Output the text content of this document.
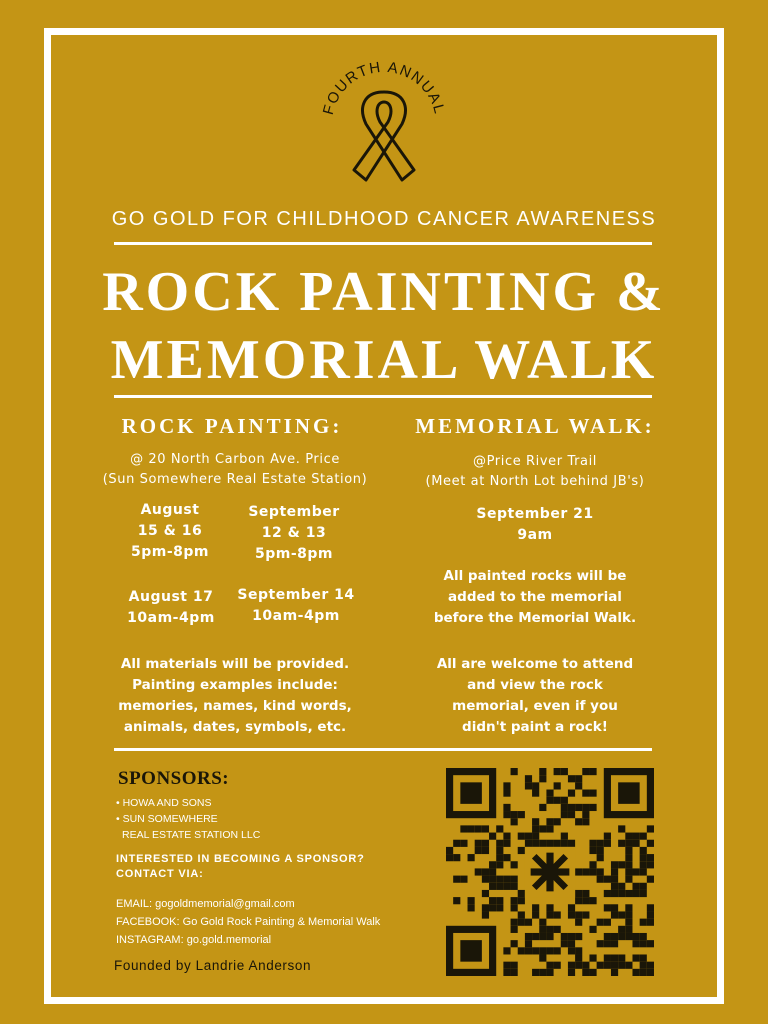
FOURTH ANNUAL
GO GOLD FOR CHILDHOOD CANCER AWARENESS
ROCK PAINTING &
MEMORIAL WALK
ROCK PAINTING:
@ 20 North Carbon Ave. Price
(Sun Somewhere Real Estate Station)
August
15 & 16
5pm-8pm
September
12 & 13
5pm-8pm
August 17
10am-4pm
September 14
10am-4pm
All materials will be provided.
Painting examples include:
memories, names, kind words,
animals, dates, symbols, etc.
MEMORIAL WALK:
@Price River Trail
(Meet at North Lot behind JB's)
September 21
9am
All painted rocks will be
added to the memorial
before the Memorial Walk.
All are welcome to attend
and view the rock
memorial, even if you
didn't paint a rock!
SPONSORS:
• HOWA AND SONS
• SUN SOMEWHERE
REAL ESTATE STATION LLC
INTERESTED IN BECOMING A SPONSOR?
CONTACT VIA:
EMAIL: gogoldmemorial@gmail.com
FACEBOOK: Go Gold Rock Painting & Memorial Walk
INSTAGRAM: go.gold.memorial
Founded by Landrie Anderson
